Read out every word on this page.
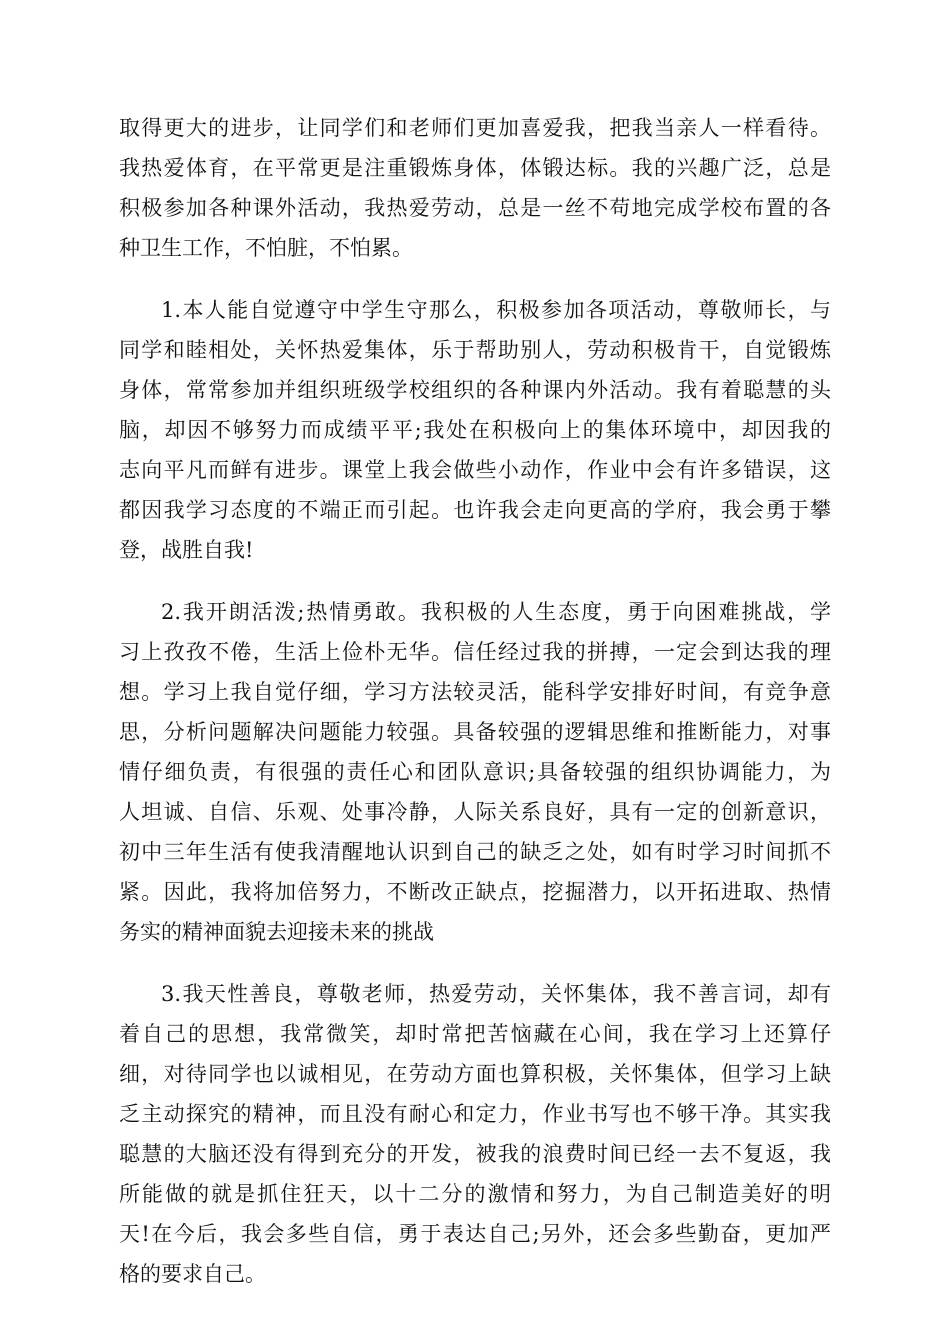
取得更大的进步，让同学们和老师们更加喜爱我，把我当亲人一样看待。
我热爱体育，在平常更是注重锻炼身体，体锻达标。我的兴趣广泛，总是
积极参加各种课外活动，我热爱劳动，总是一丝不苟地完成学校布置的各
种卫生工作，不怕脏，不怕累。
1.本人能自觉遵守中学生守那么，积极参加各项活动，尊敬师长，与
同学和睦相处，关怀热爱集体，乐于帮助别人，劳动积极肯干，自觉锻炼
身体，常常参加并组织班级学校组织的各种课内外活动。我有着聪慧的头
脑，却因不够努力而成绩平平;我处在积极向上的集体环境中，却因我的
志向平凡而鲜有进步。课堂上我会做些小动作，作业中会有许多错误，这
都因我学习态度的不端正而引起。也许我会走向更高的学府，我会勇于攀
登，战胜自我!
2.我开朗活泼;热情勇敢。我积极的人生态度，勇于向困难挑战，学
习上孜孜不倦，生活上俭朴无华。信任经过我的拼搏，一定会到达我的理
想。学习上我自觉仔细，学习方法较灵活，能科学安排好时间，有竞争意
思，分析问题解决问题能力较强。具备较强的逻辑思维和推断能力，对事
情仔细负责，有很强的责任心和团队意识;具备较强的组织协调能力，为
人坦诚、自信、乐观、处事冷静，人际关系良好，具有一定的创新意识，
初中三年生活有使我清醒地认识到自己的缺乏之处，如有时学习时间抓不
紧。因此，我将加倍努力，不断改正缺点，挖掘潜力，以开拓进取、热情
务实的精神面貌去迎接未来的挑战
3.我天性善良，尊敬老师，热爱劳动，关怀集体，我不善言词，却有
着自己的思想，我常微笑，却时常把苦恼藏在心间，我在学习上还算仔
细，对待同学也以诚相见，在劳动方面也算积极，关怀集体，但学习上缺
乏主动探究的精神，而且没有耐心和定力，作业书写也不够干净。其实我
聪慧的大脑还没有得到充分的开发，被我的浪费时间已经一去不复返，我
所能做的就是抓住狂天，以十二分的激情和努力，为自己制造美好的明
天!在今后，我会多些自信，勇于表达自己;另外，还会多些勤奋，更加严
格的要求自己。
